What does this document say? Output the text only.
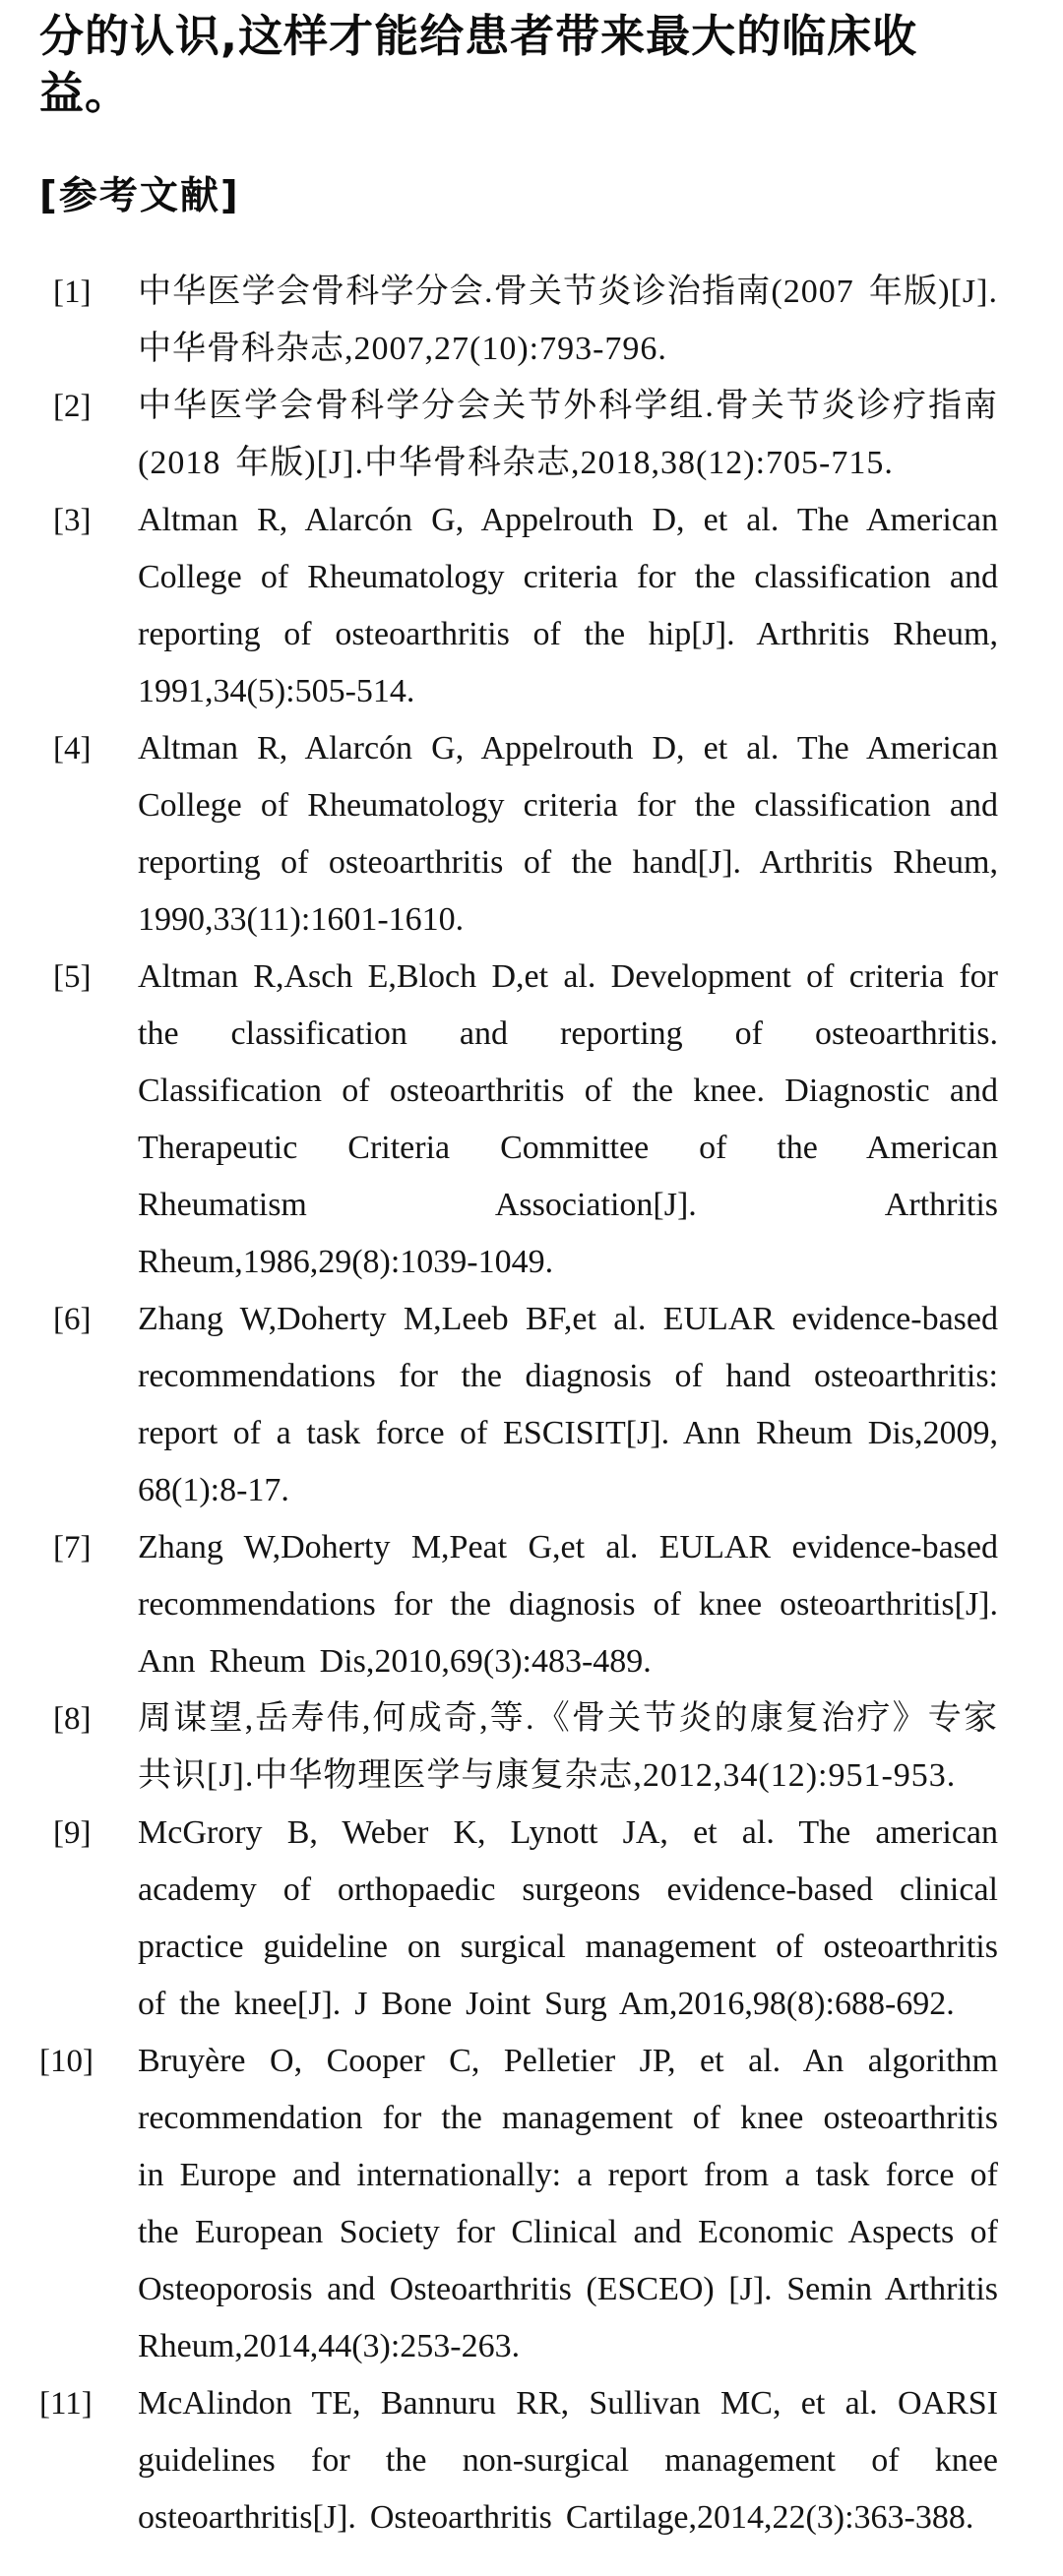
分的认识,这样才能给患者带来最大的临床收益。

[参考文献]
[1]	中华医学会骨科学分会.骨关节炎诊治指南(2007 年版)[J].中华骨科杂志,2007,27(10):793-796.
[2]	中华医学会骨科学分会关节外科学组.骨关节炎诊疗指南(2018 年版)[J].中华骨科杂志,2018,38(12):705-715.
[3]	Altman R, Alarcón G, Appelrouth D, et al. The American College of Rheumatology criteria for the classification and reporting of osteoarthritis of the hip[J]. Arthritis Rheum, 1991,34(5):505-514.
[4]	Altman R, Alarcón G, Appelrouth D, et al. The American College of Rheumatology criteria for the classification and reporting of osteoarthritis of the hand[J]. Arthritis Rheum, 1990,33(11):1601-1610.
[5]	Altman R,Asch E,Bloch D,et al. Development of criteria for the classification and reporting of osteoarthritis. Classification of osteoarthritis of the knee. Diagnostic and Therapeutic Criteria Committee of the American Rheumatism Association[J]. Arthritis Rheum,1986,29(8):1039-1049.
[6]	Zhang W,Doherty M,Leeb BF,et al. EULAR evidence-based recommendations for the diagnosis of hand osteoarthritis: report of a task force of ESCISIT[J]. Ann Rheum Dis,2009, 68(1):8-17.
[7]	Zhang W,Doherty M,Peat G,et al. EULAR evidence-based recommendations for the diagnosis of knee osteoarthritis[J]. Ann Rheum Dis,2010,69(3):483-489.
[8]	周谋望,岳寿伟,何成奇,等.《骨关节炎的康复治疗》专家共识[J].中华物理医学与康复杂志,2012,34(12):951-953.
[9]	McGrory B, Weber K, Lynott JA, et al. The american academy of orthopaedic surgeons evidence-based clinical practice guideline on surgical management of osteoarthritis of the knee[J]. J Bone Joint Surg Am,2016,98(8):688-692.
[10]	Bruyère O, Cooper C, Pelletier JP, et al. An algorithm recommendation for the management of knee osteoarthritis in Europe and internationally: a report from a task force of the European Society for Clinical and Economic Aspects of Osteoporosis and Osteoarthritis (ESCEO) [J]. Semin Arthritis Rheum,2014,44(3):253-263.
[11]	McAlindon TE, Bannuru RR, Sullivan MC, et al. OARSI guidelines for the non-surgical management of knee osteoarthritis[J]. Osteoarthritis Cartilage,2014,22(3):363-388.
